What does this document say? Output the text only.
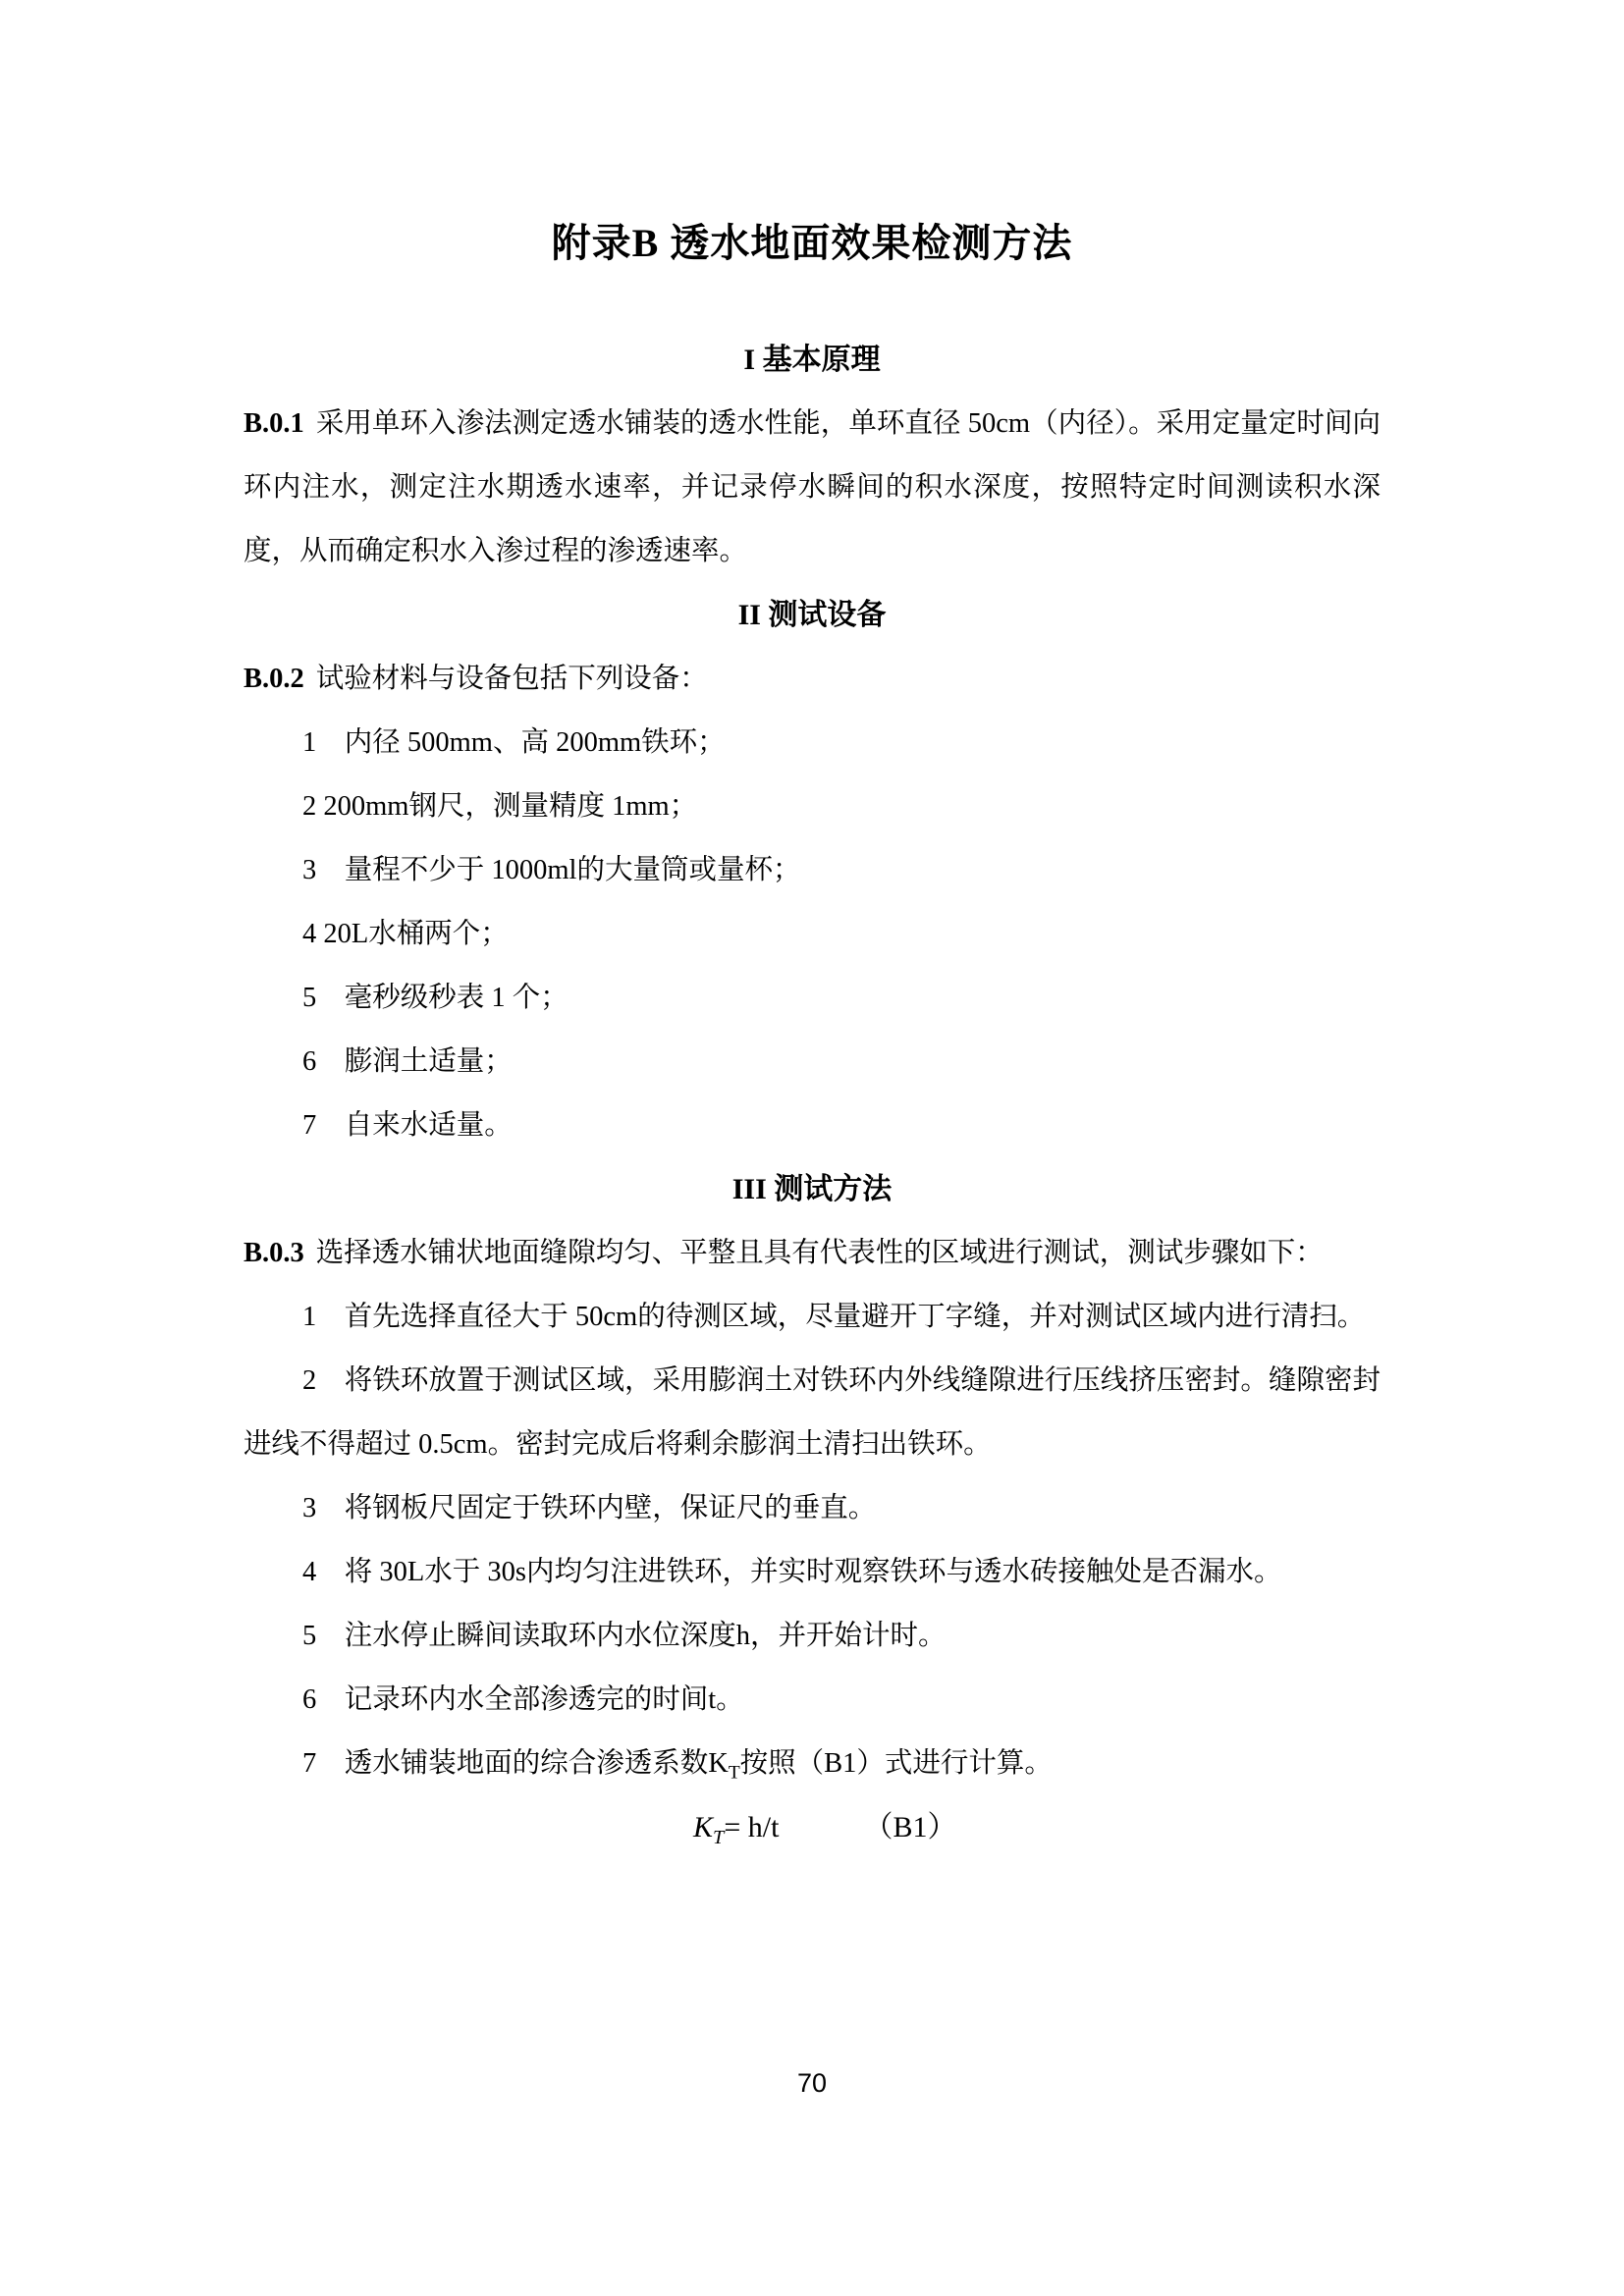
附录B 透水地面效果检测方法
I 基本原理

B.0.1 采用单环入渗法测定透水铺装的透水性能，单环直径 50cm（内径）。采用定量定时间向环内注水，测定注水期透水速率，并记录停水瞬间的积水深度，按照特定时间测读积水深度，从而确定积水入渗过程的渗透速率。

II 测试设备

B.0.2 试验材料与设备包括下列设备：

1　内径 500mm、高 200mm铁环；

2 200mm钢尺，测量精度 1mm；

3　量程不少于 1000ml的大量筒或量杯；

4 20L水桶两个；

5　毫秒级秒表 1 个；

6　膨润土适量；

7　自来水适量。

III 测试方法

B.0.3 选择透水铺状地面缝隙均匀、平整且具有代表性的区域进行测试，测试步骤如下：

1　首先选择直径大于 50cm的待测区域，尽量避开丁字缝，并对测试区域内进行清扫。

2　将铁环放置于测试区域，采用膨润土对铁环内外线缝隙进行压线挤压密封。缝隙密封进线不得超过 0.5cm。密封完成后将剩余膨润土清扫出铁环。

3　将钢板尺固定于铁环内壁，保证尺的垂直。

4　将 30L水于 30s内均匀注进铁环，并实时观察铁环与透水砖接触处是否漏水。

5　注水停止瞬间读取环内水位深度h，并开始计时。

6　记录环内水全部渗透完的时间t。

7　透水铺装地面的综合渗透系数$K_T$按照（B1）式进行计算。

$K_T= h/t$	（B1）
70
